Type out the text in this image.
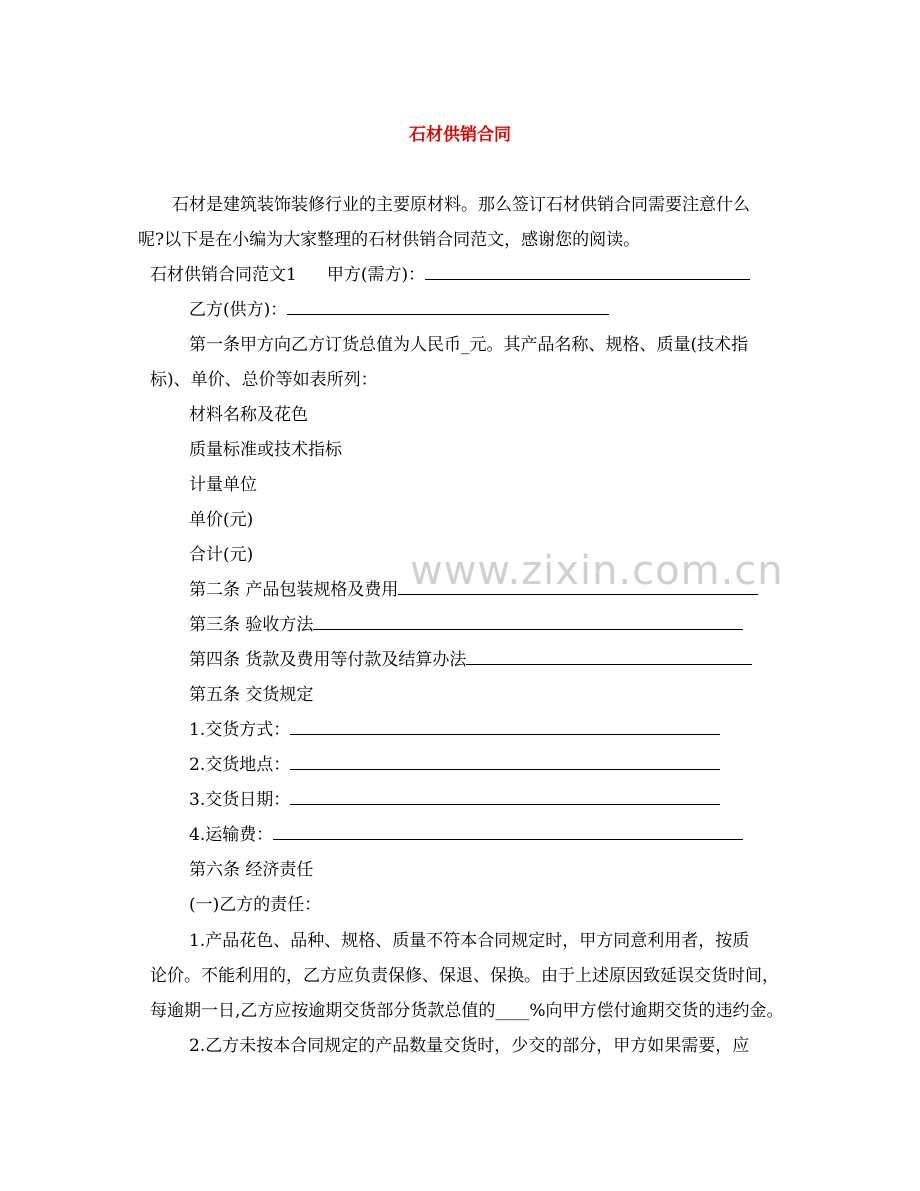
www.zixin.com.cn
石材供销合同
石材是建筑装饰装修行业的主要原材料。那么签订石材供销合同需要注意什么
呢?以下是在小编为大家整理的石材供销合同范文，感谢您的阅读。
石材供销合同范文1 甲方(需方)：
乙方(供方)：
第一条甲方向乙方订货总值为人民币_元。其产品名称、规格、质量(技术指
标)、单价、总价等如表所列：
材料名称及花色
质量标准或技术指标
计量单位
单价(元)
合计(元)
第二条 产品包装规格及费用
第三条 验收方法
第四条 货款及费用等付款及结算办法
第五条 交货规定
1.交货方式：
2.交货地点：
3.交货日期：
4.运输费：
第六条 经济责任
(一)乙方的责任：
1.产品花色、品种、规格、质量不符本合同规定时，甲方同意利用者，按质
论价。不能利用的，乙方应负责保修、保退、保换。由于上述原因致延误交货时间，
每逾期一日,乙方应按逾期交货部分货款总值的____%向甲方偿付逾期交货的违约金。
2.乙方未按本合同规定的产品数量交货时，少交的部分，甲方如果需要，应
